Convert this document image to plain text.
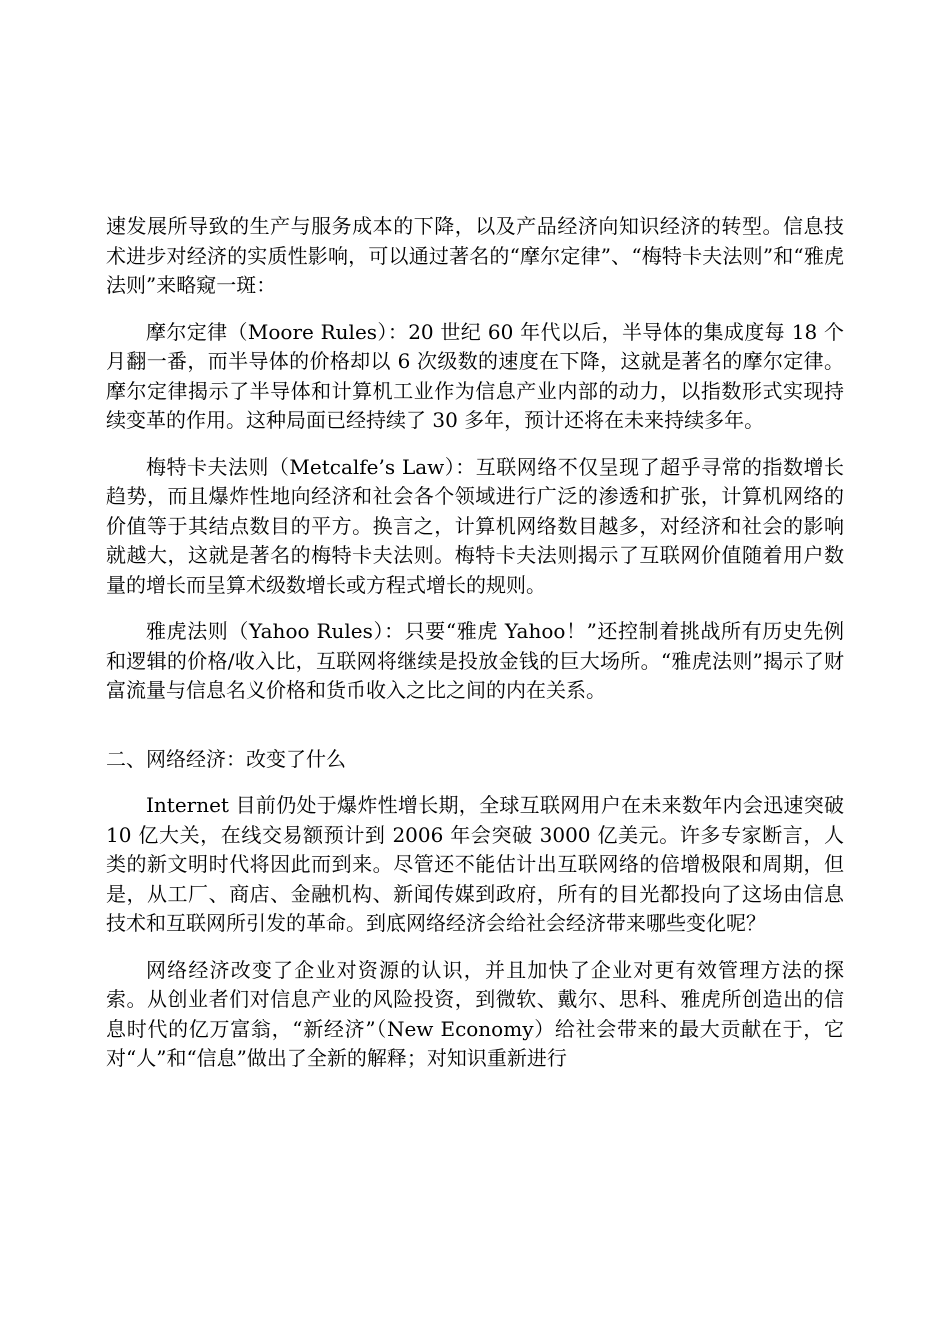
速发展所导致的生产与服务成本的下降，以及产品经济向知识经济的转型。信息技术进步对经济的实质性影响，可以通过著名的“摩尔定律”、“梅特卡夫法则”和“雅虎法则”来略窥一斑：

摩尔定律（Moore Rules）：20 世纪 60 年代以后，半导体的集成度每 18 个月翻一番，而半导体的价格却以 6 次级数的速度在下降，这就是著名的摩尔定律。摩尔定律揭示了半导体和计算机工业作为信息产业内部的动力，以指数形式实现持续变革的作用。这种局面已经持续了 30 多年，预计还将在未来持续多年。

梅特卡夫法则（Metcalfe’s Law）：互联网络不仅呈现了超乎寻常的指数增长趋势，而且爆炸性地向经济和社会各个领域进行广泛的渗透和扩张，计算机网络的价值等于其结点数目的平方。换言之，计算机网络数目越多，对经济和社会的影响就越大，这就是著名的梅特卡夫法则。梅特卡夫法则揭示了互联网价值随着用户数量的增长而呈算术级数增长或方程式增长的规则。

雅虎法则（Yahoo Rules）：只要“雅虎 Yahoo！”还控制着挑战所有历史先例和逻辑的价格/收入比，互联网将继续是投放金钱的巨大场所。“雅虎法则”揭示了财富流量与信息名义价格和货币收入之比之间的内在关系。

二、网络经济：改变了什么

Internet 目前仍处于爆炸性增长期，全球互联网用户在未来数年内会迅速突破 10 亿大关，在线交易额预计到 2006 年会突破 3000 亿美元。许多专家断言，人类的新文明时代将因此而到来。尽管还不能估计出互联网络的倍增极限和周期，但是，从工厂、商店、金融机构、新闻传媒到政府，所有的目光都投向了这场由信息技术和互联网所引发的革命。到底网络经济会给社会经济带来哪些变化呢？

网络经济改变了企业对资源的认识，并且加快了企业对更有效管理方法的探索。从创业者们对信息产业的风险投资，到微软、戴尔、思科、雅虎所创造出的信息时代的亿万富翁，“新经济”（New Economy）给社会带来的最大贡献在于，它对“人”和“信息”做出了全新的解释；对知识重新进行
